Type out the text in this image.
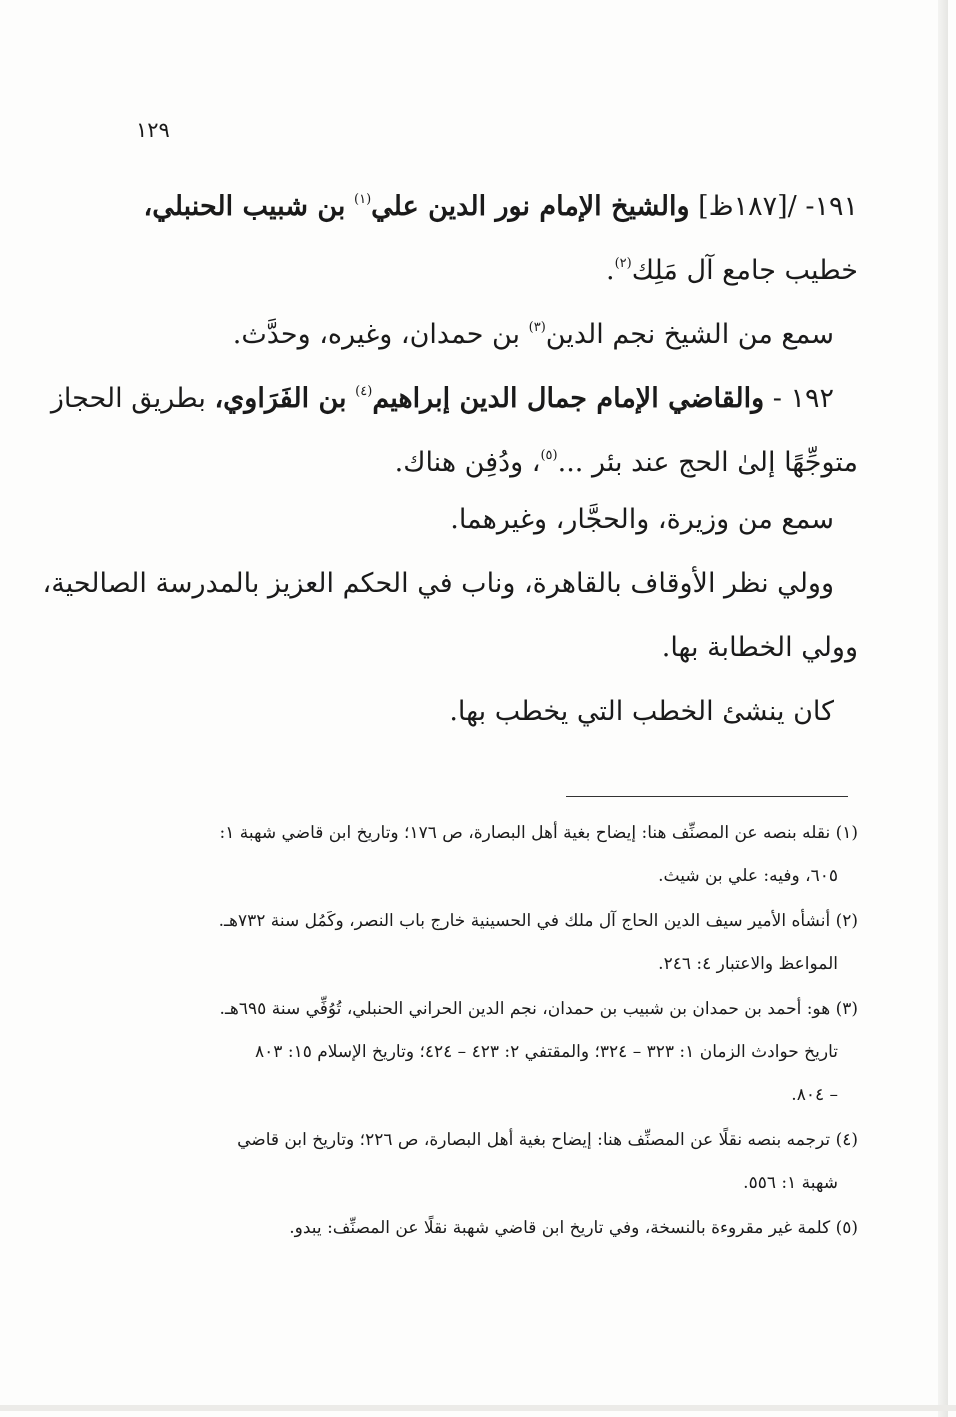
١٢٩
١٩١- /[١٨٧ظ] والشيخ الإمام نور الدين علي$^{(١)}$ بن شبيب الحنبلي،
خطيب جامع آل مَلِك$^{(٢)}$.
سمع من الشيخ نجم الدين$^{(٣)}$ بن حمدان، وغيره، وحدَّث.
١٩٢ - والقاضي الإمام جمال الدين إبراهيم$^{(٤)}$ بن الفَرَاوي، بطريق الحجاز
متوجِّهًا إلىٰ الحج عند بئر ...$^{(٥)}$، ودُفِن هناك.
سمع من وزيرة، والحجَّار، وغيرهما.
وولي نظر الأوقاف بالقاهرة، وناب في الحكم العزيز بالمدرسة الصالحية،
وولي الخطابة بها.
كان ينشئ الخطب التي يخطب بها.
(١) نقله بنصه عن المصنِّف هنا: إيضاح بغية أهل البصارة، ص ١٧٦؛ وتاريخ ابن قاضي شهبة ١:
٦٠٥، وفيه: علي بن شيث.
(٢) أنشأه الأمير سيف الدين الحاج آل ملك في الحسينية خارج باب النصر، وكَمُل سنة ٧٣٢هـ.
المواعظ والاعتبار ٤: ٢٤٦.
(٣) هو: أحمد بن حمدان بن شبيب بن حمدان، نجم الدين الحراني الحنبلي، تُوُفِّي سنة ٦٩٥هـ.
تاريخ حوادث الزمان ١: ٣٢٣ – ٣٢٤؛ والمقتفي ٢: ٤٢٣ – ٤٢٤؛ وتاريخ الإسلام ١٥: ٨٠٣
– ٨٠٤.
(٤) ترجمه بنصه نقلًا عن المصنِّف هنا: إيضاح بغية أهل البصارة، ص ٢٢٦؛ وتاريخ ابن قاضي
شهبة ١: ٥٥٦.
(٥) كلمة غير مقروءة بالنسخة، وفي تاريخ ابن قاضي شهبة نقلًا عن المصنِّف: يبدو.
